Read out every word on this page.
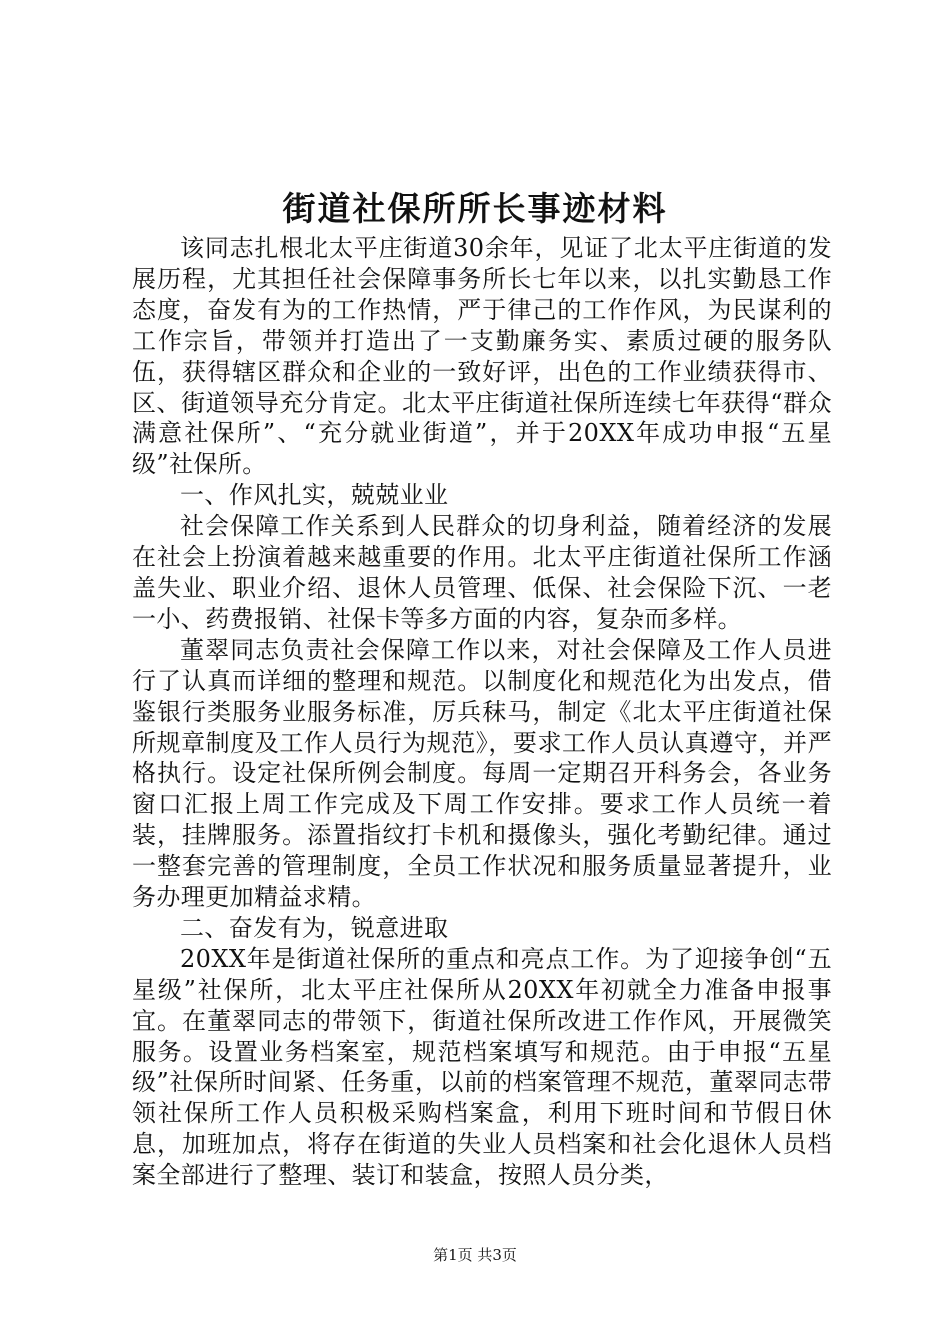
街道社保所所长事迹材料

该同志扎根北太平庄街道30余年，见证了北太平庄街道的发展历程，尤其担任社会保障事务所长七年以来，以扎实勤恳工作态度，奋发有为的工作热情，严于律己的工作作风，为民谋利的工作宗旨，带领并打造出了一支勤廉务实、素质过硬的服务队伍，获得辖区群众和企业的一致好评，出色的工作业绩获得市、区、街道领导充分肯定。北太平庄街道社保所连续七年获得“群众满意社保所”、“充分就业街道”，并于20XX年成功申报“五星级”社保所。

一、作风扎实，兢兢业业

社会保障工作关系到人民群众的切身利益，随着经济的发展在社会上扮演着越来越重要的作用。北太平庄街道社保所工作涵盖失业、职业介绍、退休人员管理、低保、社会保险下沉、一老一小、药费报销、社保卡等多方面的内容，复杂而多样。

董翠同志负责社会保障工作以来，对社会保障及工作人员进行了认真而详细的整理和规范。以制度化和规范化为出发点，借鉴银行类服务业服务标准，厉兵秣马，制定《北太平庄街道社保所规章制度及工作人员行为规范》，要求工作人员认真遵守，并严格执行。设定社保所例会制度。每周一定期召开科务会，各业务窗口汇报上周工作完成及下周工作安排。要求工作人员统一着装，挂牌服务。添置指纹打卡机和摄像头，强化考勤纪律。通过一整套完善的管理制度，全员工作状况和服务质量显著提升，业务办理更加精益求精。

二、奋发有为，锐意进取

20XX年是街道社保所的重点和亮点工作。为了迎接争创“五星级”社保所，北太平庄社保所从20XX年初就全力准备申报事宜。在董翠同志的带领下，街道社保所改进工作作风，开展微笑服务。设置业务档案室，规范档案填写和规范。由于申报“五星级”社保所时间紧、任务重，以前的档案管理不规范，董翠同志带领社保所工作人员积极采购档案盒，利用下班时间和节假日休息，加班加点，将存在街道的失业人员档案和社会化退休人员档案全部进行了整理、装订和装盒，按照人员分类，

第1页 共3页
